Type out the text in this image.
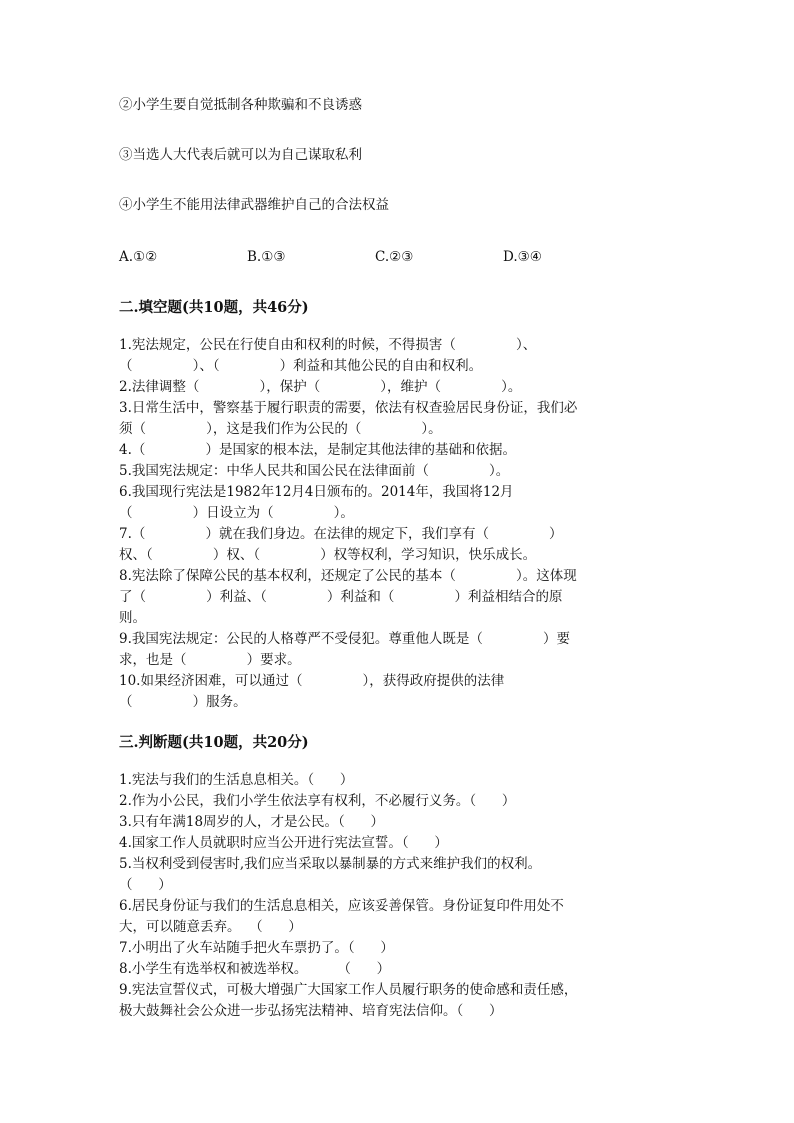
②小学生要自觉抵制各种欺骗和不良诱惑
③当选人大代表后就可以为自己谋取私利
④小学生不能用法律武器维护自己的合法权益
A.①②	B.①③	C.②③	D.③④
二.填空题(共10题，共46分)
1.宪法规定，公民在行使自由和权利的时候，不得损害（              ）、
（              ）、（              ）利益和其他公民的自由和权利。
2.法律调整（              ），保护（              ），维护（              ）。
3.日常生活中，警察基于履行职责的需要，依法有权查验居民身份证，我们必
须（              ），这是我们作为公民的（              ）。
4.（              ）是国家的根本法，是制定其他法律的基础和依据。
5.我国宪法规定：中华人民共和国公民在法律面前（              ）。
6.我国现行宪法是1982年12月4日颁布的。2014年，我国将12月
（              ）日设立为（              ）。
7.（              ）就在我们身边。在法律的规定下，我们享有（              ）
权、（              ）权、（              ）权等权利，学习知识，快乐成长。
8.宪法除了保障公民的基本权利，还规定了公民的基本（              ）。这体现
了（              ）利益、（              ）利益和（              ）利益相结合的原
则。
9.我国宪法规定：公民的人格尊严不受侵犯。尊重他人既是（              ）要
求，也是（              ）要求。
10.如果经济困难，可以通过（              ），获得政府提供的法律
（              ）服务。
三.判断题(共10题，共20分)
1.宪法与我们的生活息息相关。（      ）
2.作为小公民，我们小学生依法享有权利，不必履行义务。（      ）
3.只有年满18周岁的人，才是公民。（      ）
4.国家工作人员就职时应当公开进行宪法宣誓。（      ）
5.当权利受到侵害时,我们应当采取以暴制暴的方式来维护我们的权利。
（      ）
6.居民身份证与我们的生活息息相关，应该妥善保管。身份证复印件用处不
大，可以随意丢弃。  （      ）
7.小明出了火车站随手把火车票扔了。（      ）
8.小学生有选举权和被选举权。       （      ）
9.宪法宣誓仪式，可极大增强广大国家工作人员履行职务的使命感和责任感，
极大鼓舞社会公众进一步弘扬宪法精神、培育宪法信仰。（      ）
